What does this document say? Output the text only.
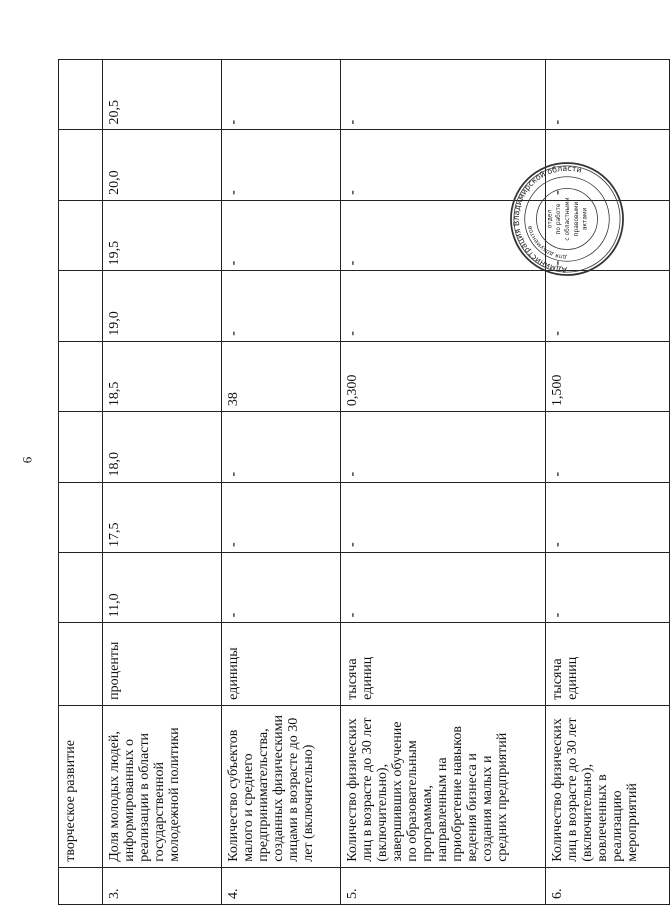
6
	творческое развитие									
3.	Доля молодых людей, информированных о реализации в области государственной молодежной политики	проценты	11,0	17,5	18,0	18,5	19,0	19,5	20,0	20,5
4.	Количество субъектов малого и среднего предпринимательства, созданных физическими лицами в возрасте до 30 лет (включительно)	единицы	-	-	-	38	-	-	-	-
5.	Количество физических лиц в возрасте до 30 лет (включительно), завершивших обучение по образовательным программам, направленным на приобретение навыков ведения бизнеса и создания малых и средних предприятий	тысяча единиц	-	-	-	0,300	-	-	-	-
6.	Количество физических лиц в возрасте до 30 лет (включительно), вовлеченных в реализацию мероприятий	тысяча единиц	-	-	-	1,500	-	-	-	-
Администрация Владимирской области
для документов	отдел по работе с областными правовыми актами
